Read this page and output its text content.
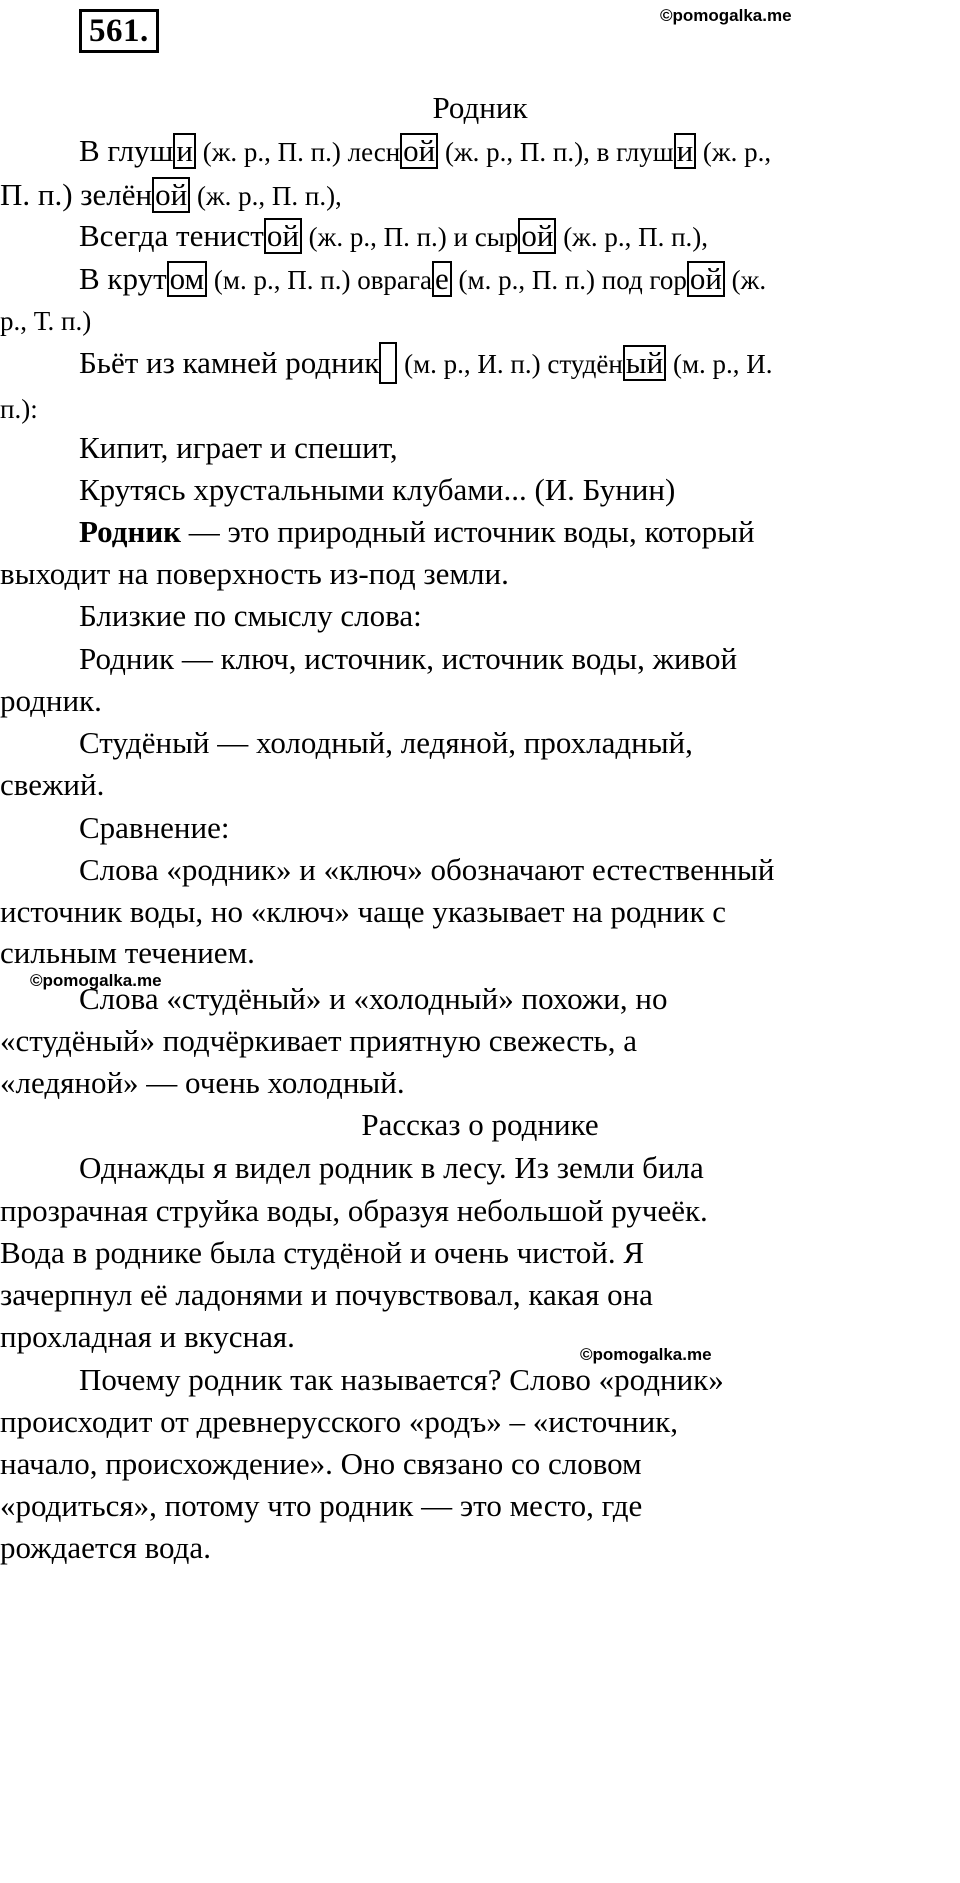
561.	©pomogalka.me
Родник
В глуши (ж. р., П. п.) лесной (ж. р., П. п.), в глуши (ж. р.,
П. п.) зелёной (ж. р., П. п.),
Всегда тенистой (ж. р., П. п.) и сырой (ж. р., П. п.),
В крутом (м. р., П. п.) оврагае (м. р., П. п.) под горой (ж.
р., Т. п.)
Бьёт из камней родник (м. р., И. п.) студёный (м. р., И.
п.):
Кипит, играет и спешит,
Крутясь хрустальными клубами... (И. Бунин)
Родник — это природный источник воды, который
выходит на поверхность из-под земли.
Близкие по смыслу слова:
Родник — ключ, источник, источник воды, живой
родник.
Студёный — холодный, ледяной, прохладный,
свежий.
Сравнение:
Слова «родник» и «ключ» обозначают естественный
источник воды, но «ключ» чаще указывает на родник с
сильным течением.
©pomogalka.me
Слова «студёный» и «холодный» похожи, но
«студёный» подчёркивает приятную свежесть, а
«ледяной» — очень холодный.
Рассказ о роднике
Однажды я видел родник в лесу. Из земли била
прозрачная струйка воды, образуя небольшой ручеёк.
Вода в роднике была студёной и очень чистой. Я
зачерпнул её ладонями и почувствовал, какая она
прохладная и вкусная.
©pomogalka.me
Почему родник так называется? Слово «родник»
происходит от древнерусского «родъ» – «источник,
начало, происхождение». Оно связано со словом
«родиться», потому что родник — это место, где
рождается вода.
